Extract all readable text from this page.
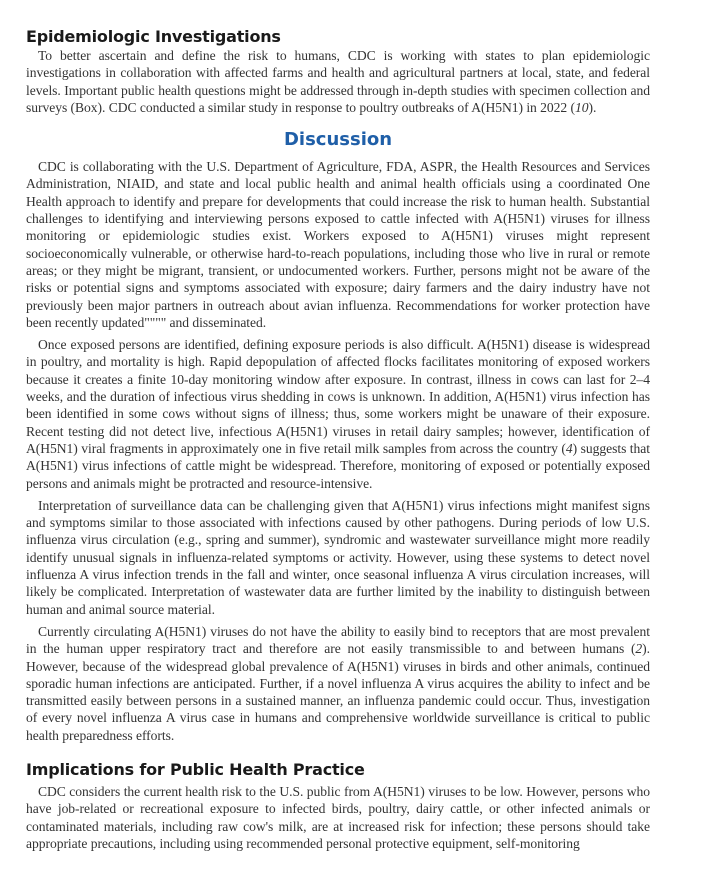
Epidemiologic Investigations

To better ascertain and define the risk to humans, CDC is working with states to plan epidemiologic investigations in collaboration with affected farms and health and agricultural partners at local, state, and federal levels. Important public health questions might be addressed through in-depth studies with specimen collection and surveys (Box). CDC conducted a similar study in response to poultry outbreaks of A(H5N1) in 2022 (10).

Discussion

CDC is collaborating with the U.S. Department of Agriculture, FDA, ASPR, the Health Resources and Services Administration, NIAID, and state and local public health and animal health officials using a coordinated One Health approach to identify and prepare for developments that could increase the risk to human health. Substantial challenges to identifying and interviewing persons exposed to cattle infected with A(H5N1) viruses for illness monitoring or epidemiologic studies exist. Workers exposed to A(H5N1) viruses might represent socioeconomically vulnerable, or otherwise hard-to-reach populations, including those who live in rural or remote areas; or they might be migrant, transient, or undocumented workers. Further, persons might not be aware of the risks or potential signs and symptoms associated with exposure; dairy farmers and the dairy industry have not previously been major partners in outreach about avian influenza. Recommendations for worker protection have been recently updated"""" and disseminated.

Once exposed persons are identified, defining exposure periods is also difficult. A(H5N1) disease is widespread in poultry, and mortality is high. Rapid depopulation of affected flocks facilitates monitoring of exposed workers because it creates a finite 10-day monitoring window after exposure. In contrast, illness in cows can last for 2–4 weeks, and the duration of infectious virus shedding in cows is unknown. In addition, A(H5N1) virus infection has been identified in some cows without signs of illness; thus, some workers might be unaware of their exposure. Recent testing did not detect live, infectious A(H5N1) viruses in retail dairy samples; however, identification of A(H5N1) viral fragments in approximately one in five retail milk samples from across the country (4) suggests that A(H5N1) virus infections of cattle might be widespread. Therefore, monitoring of exposed or potentially exposed persons and animals might be protracted and resource-intensive.

Interpretation of surveillance data can be challenging given that A(H5N1) virus infections might manifest signs and symptoms similar to those associated with infections caused by other pathogens. During periods of low U.S. influenza virus circulation (e.g., spring and summer), syndromic and wastewater surveillance might more readily identify unusual signals in influenza-related symptoms or activity. However, using these systems to detect novel influenza A virus infection trends in the fall and winter, once seasonal influenza A virus circulation increases, will likely be complicated. Interpretation of wastewater data are further limited by the inability to distinguish between human and animal source material.

Currently circulating A(H5N1) viruses do not have the ability to easily bind to receptors that are most prevalent in the human upper respiratory tract and therefore are not easily transmissible to and between humans (2). However, because of the widespread global prevalence of A(H5N1) viruses in birds and other animals, continued sporadic human infections are anticipated. Further, if a novel influenza A virus acquires the ability to infect and be transmitted easily between persons in a sustained manner, an influenza pandemic could occur. Thus, investigation of every novel influenza A virus case in humans and comprehensive worldwide surveillance is critical to public health preparedness efforts.

Implications for Public Health Practice

CDC considers the current health risk to the U.S. public from A(H5N1) viruses to be low. However, persons who have job-related or recreational exposure to infected birds, poultry, dairy cattle, or other infected animals or contaminated materials, including raw cow's milk, are at increased risk for infection; these persons should take appropriate precautions, including using recommended personal protective equipment, self-monitoring
